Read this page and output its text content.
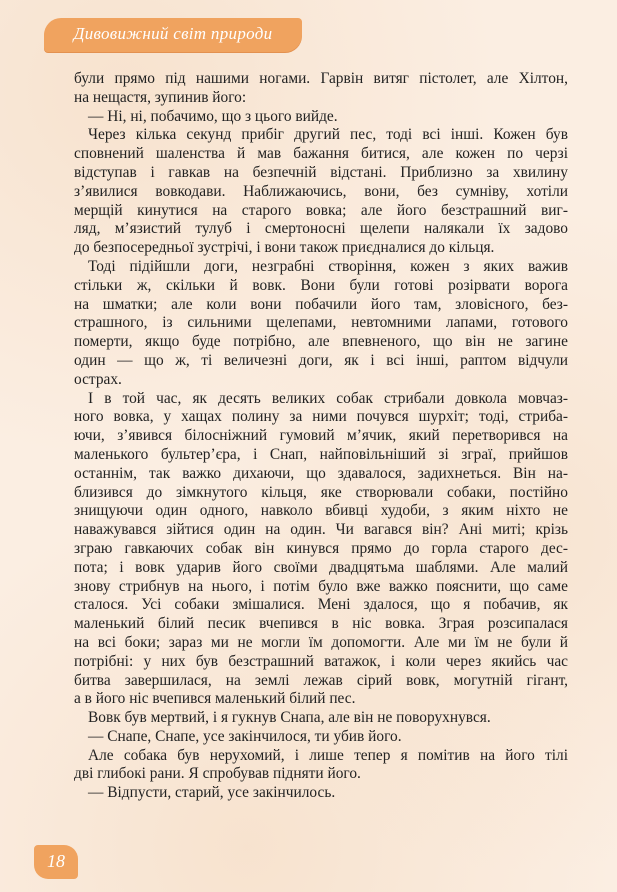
Дивовижний світ природи
були прямо під нашими ногами. Гарвін витяг пістолет, але Хілтон,
на нещастя, зупинив його:
— Ні, ні, побачимо, що з цього вийде.
Через кілька секунд прибіг другий пес, тоді всі інші. Кожен був
сповнений шаленства й мав бажання битися, але кожен по черзі
відступав і гавкав на безпечній відстані. Приблизно за хвилину
з’явилися вовкодави. Наближаючись, вони, без сумніву, хотіли
мерщій кинутися на старого вовка; але його безстрашний виг-
ляд, м’язистий тулуб і смертоносні щелепи налякали їх задово
до безпосередньої зустрічі, і вони також приєдналися до кільця.
Тоді підійшли доги, незграбні створіння, кожен з яких важив
стільки ж, скільки й вовк. Вони були готові розірвати ворога
на шматки; але коли вони побачили його там, зловісного, без-
страшного, із сильними щелепами, невтомними лапами, готового
померти, якщо буде потрібно, але впевненого, що він не загине
один — що ж, ті величезні доги, як і всі інші, раптом відчули
острах.
І в той час, як десять великих собак стрибали довкола мовчаз-
ного вовка, у хащах полину за ними почувся шурхіт; тоді, стриба-
ючи, з’явився білосніжний гумовий м’ячик, який перетворився на
маленького бультер’єра, і Снап, найповільніший зі зграї, прийшов
останнім, так важко дихаючи, що здавалося, задихнеться. Він на-
близився до зімкнутого кільця, яке створювали собаки, постійно
знищуючи один одного, навколо вбивці худоби, з яким ніхто не
наважувався зійтися один на один. Чи вагався він? Ані миті; крізь
зграю гавкаючих собак він кинувся прямо до горла старого дес-
пота; і вовк ударив його своїми двадцятьма шаблями. Але малий
знову стрибнув на нього, і потім було вже важко пояснити, що саме
сталося. Усі собаки змішалися. Мені здалося, що я побачив, як
маленький білий песик вчепився в ніс вовка. Зграя розсипалася
на всі боки; зараз ми не могли їм допомогти. Але ми їм не були й
потрібні: у них був безстрашний ватажок, і коли через якийсь час
битва завершилася, на землі лежав сірий вовк, могутній гігант,
а в його ніс вчепився маленький білий пес.
Вовк був мертвий, і я гукнув Снапа, але він не поворухнувся.
— Снапе, Снапе, усе закінчилося, ти убив його.
Але собака був нерухомий, і лише тепер я помітив на його тілі
дві глибокі рани. Я спробував підняти його.
— Відпусти, старий, усе закінчилось.
18
